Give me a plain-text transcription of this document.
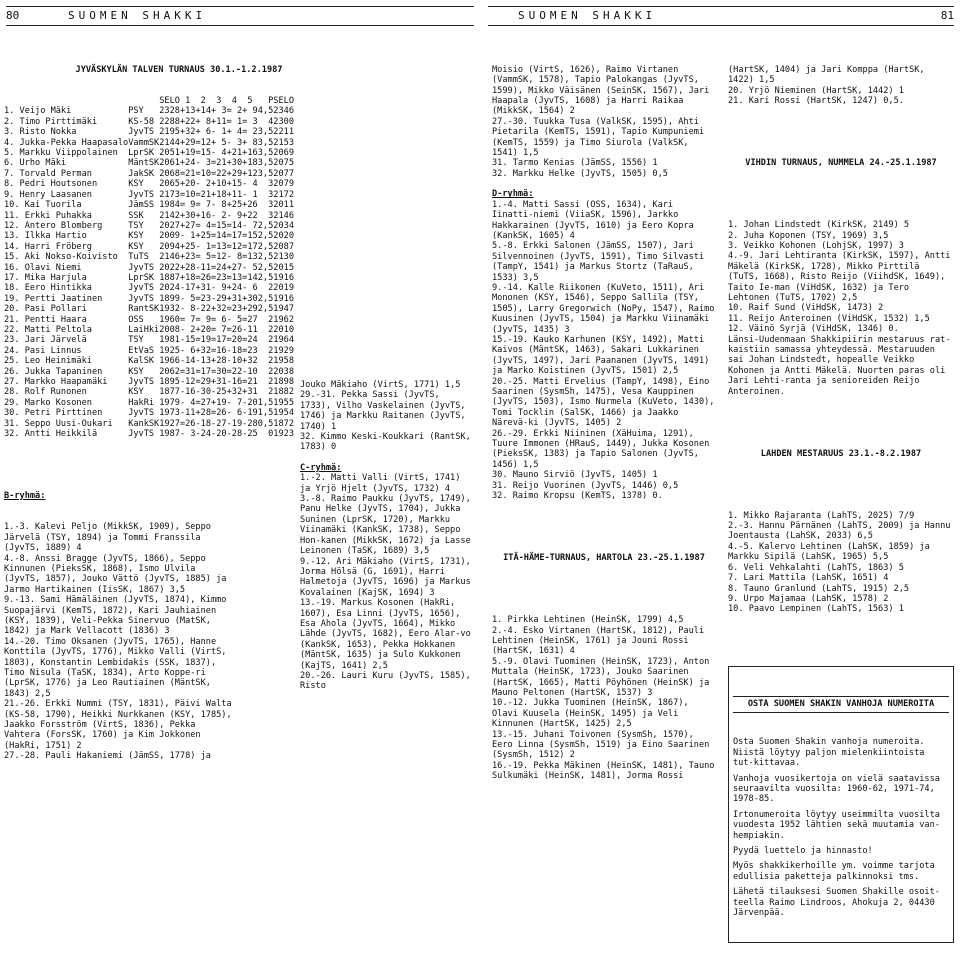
80	SUOMEN SHAKKI	SUOMEN SHAKKI	81

JYVÄSKYLÄN TALVEN TURNAUS 30.1.-1.2.1987

		SELO	1	2	3	4	5	P	SELO
1. Veijo Mäki	PSY	2328	+13	+14	+ 3	= 2	+ 9	4,5	2346
2. Timo Pirttimäki	KS-58	2288	+22	+ 8	+11	= 1	= 3	4	2300
3. Risto Nokka	JyvTS	2195	+32	+ 6	- 1	+ 4	= 2	3,5	2211
4. Jukka-Pekka Haapasalo	VammSK	2144	+29	=12	+ 5	- 3	+ 8	3,5	2153
5. Markku Viippolainen	LprSK	2051	+19	=15	- 4	+21	+16	3,5	2069
6. Urho Mäki	MäntSK	2061	+24	- 3	=21	+30	+18	3,5	2075
7. Torvald Perman	JakSK	2068	=21	=10	=22	+29	+12	3,5	2077
8. Pedri Houtsonen	KSY	2065	+20	- 2	+10	+15	- 4	3	2079
9. Henry Laasanen	JyvTS	2173	=10	=21	+18	+11	- 1	3	2172
10. Kai Tuorila	JämSS	1984	= 9	= 7	- 8	+25	+26	3	2011
11. Erkki Puhakka	SSK	2142	+30	+16	- 2	- 9	+22	3	2146
12. Antero Blomberg	TSY	2027	+27	= 4	=15	=14	- 7	2,5	2034
13. Ilkka Hartio	KSY	2009	- 1	+25	=14	=17	=15	2,5	2020
14. Harri Fröberg	KSY	2094	+25	- 1	=13	=12	=17	2,5	2087
15. Aki Nokso-Koivisto	TuTS	2146	+23	= 5	=12	- 8	=13	2,5	2130
16. Olavi Niemi	JyvTS	2022	+28	-11	=24	+27	- 5	2,5	2015
17. Mika Harjula	LprSK	1887	+18	=26	=23	=13	=14	2,5	1916
18. Eero Hintikka	JyvTS	2024	-17	+31	- 9	+24	- 6	2	2019
19. Pertti Jaatinen	JyvTS	1899	- 5	=23	-29	+31	+30	2,5	1916
20. Pasi Pollari	RantSK	1932	- 8	-22	+32	=23	+29	2,5	1947
21. Pentti Haara	OSS	1960	= 7	= 9	= 6	- 5	=27	2	1962
22. Matti Peltola	LaiHki	2008	- 2	+20	= 7	=26	-11	2	2010
23. Jari Järvelä	TSY	1981	-15	=19	=17	=20	=24	2	1964
24. Pasi Linnus	EtVaS	1925	- 6	+32	=16	-18	=23	2	1929
25. Leo Heinimäki	KalSK	1966	-14	-13	+28	-10	+32	2	1958
26. Jukka Tapaninen	KSY	2062	=31	=17	=30	=22	-10	2	2038
27. Markko Haapamäki	JyvTS	1895	-12	=29	+31	-16	=21	2	1898
28. Rolf Runonen	KSY	1877	-16	-30	-25	+32	+31	2	1882
29. Marko Kosonen	HakRi	1979	- 4	=27	+19	- 7	-20	1,5	1955
30. Petri Pirttinen	JyvTS	1973	-11	+28	=26	- 6	-19	1,5	1954
31. Seppo Uusi-Oukari	KankSK	1927	=26	-18	-27	-19	-28	0,5	1872
32. Antti Heikkilä	JyvTS	1987	- 3	-24	-20	-28	-25	0	1923

B-ryhmä:

1.-3. Kalevi Peljo (MikkSK, 1909), Seppo Järvelä (TSY, 1894) ja Tommi Franssila (JyvTS, 1889) 4

4.-8. Anssi Bragge (JyvTS, 1866), Seppo Kinnunen (PieksSK, 1868), Ismo Ulvila (JyvTS, 1857), Jouko Vättö (JyvTS, 1885) ja Jarmo Hartikainen (IisSK, 1867) 3,5

9.-13. Sami Hämäläinen (JyvTS, 1874), Kimmo Suopajärvi (KemTS, 1872), Kari Jauhiainen (KSY, 1839), Veli-Pekka Sinervuo (MatSK, 1842) ja Mark Vellacott (1836) 3

14.-20. Timo Oksanen (JyvTS, 1765), Hanne Konttila (JyvTS, 1776), Mikko Valli (VirtS, 1803), Konstantin Lembidakis (SSK, 1837), Timo Nisula (TaSK, 1834), Arto Koppe-ri (LprSK, 1776) ja Leo Rautiainen (MäntSK, 1843) 2,5

21.-26. Erkki Nummi (TSY, 1831), Päivi Walta (KS-58, 1790), Heikki Nurkkanen (KSY, 1785), Jaakko Forsström (VirtS, 1836), Pekka Vahtera (ForsSK, 1760) ja Kim Jokkonen (HakRi, 1751) 2

27.-28. Pauli Hakaniemi (JämSS, 1778) ja

Jouko Mäkiaho (VirtS, 1771) 1,5

29.-31. Pekka Sassi (JyvTS, 1733), Vilho Vaskelainen (JyvTS, 1746) ja Markku Raitanen (JyvTS, 1740) 1

32. Kimmo Keski-Koukkari (RantSK, 1783) 0

C-ryhmä:

1.-2. Matti Valli (VirtS, 1741) ja Yrjö Hjelt (JyvTS, 1732) 4

3.-8. Raimo Paukku (JyvTS, 1749), Panu Helke (JyvTS, 1704), Jukka Suninen (LprSK, 1720), Markku Viinamäki (KankSK, 1738), Seppo Hon-kanen (MikkSK, 1672) ja Lasse Leinonen (TaSK, 1689) 3,5

9.-12. Ari Mäkiaho (VirtS, 1731), Jorma Hölsä (G, 1691), Harri Halmetoja (JyvTS, 1696) ja Markus Kovalainen (KajSK, 1694) 3

13.-19. Markus Kosonen (HakRi, 1607), Esa Linni (JyvTS, 1656), Esa Ahola (JyvTS, 1664), Mikko Lähde (JyvTS, 1682), Eero Alar-vo (KankSK, 1653), Pekka Hokkanen (MäntSK, 1635) ja Sulo Kukkonen (KajTS, 1641) 2,5

20.-26. Lauri Kuru (JyvTS, 1585), Risto

Moisio (VirtS, 1626), Raimo Virtanen (VammSK, 1578), Tapio Palokangas (JyvTS, 1599), Mikko Väisänen (SeinSK, 1567), Jari Haapala (JyvTS, 1608) ja Harri Raikaa (MikkSK, 1564) 2

27.-30. Tuukka Tusa (ValkSK, 1595), Ahti Pietarila (KemTS, 1591), Tapio Kumpuniemi (KemTS, 1559) ja Timo Siurola (ValkSK, 1541) 1,5

31. Tarmo Kenias (JämSS, 1556) 1

32. Markku Helke (JyvTS, 1505) 0,5

D-ryhmä:

1.-4. Matti Sassi (OSS, 1634), Kari Iinatti-niemi (ViiaSK, 1596), Jarkko Hakkarainen (JyvTS, 1610) ja Eero Kopra (KankSK, 1605) 4

5.-8. Erkki Salonen (JämSS, 1507), Jari Silvennoinen (JyvTS, 1591), Timo Silvasti (TampY, 1541) ja Markus Stortz (TaRauS, 1533) 3,5

9.-14. Kalle Riikonen (KuVeto, 1511), Ari Mononen (KSY, 1546), Seppo Sallila (TSY, 1505), Larry Gregorwich (NoPy, 1547), Raimo Kuusinen (JyvTS, 1504) ja Markku Viinamäki (JyvTS, 1435) 3

15.-19. Kauko Karhunen (KSY, 1492), Matti Kaivos (MäntSK, 1463), Sakari Lukkarinen (JyvTS, 1497), Jari Paananen (JyvTS, 1491) ja Marko Koistinen (JyvTS, 1501) 2,5

20.-25. Matti Ervelius (TampY, 1498), Eino Saarinen (SysmSh, 1475), Vesa Kauppinen (JyvTS, 1503), Ismo Nurmela (KuVeto, 1430), Tomi Tocklin (SalSK, 1466) ja Jaakko Närevä-ki (JyvTS, 1405) 2

26.-29. Erkki Niininen (XäHuima, 1291), Tuure Immonen (HRauS, 1449), Jukka Kosonen (PieksSK, 1383) ja Tapio Salonen (JyvTS, 1456) 1,5

30. Mauno Sirviö (JyvTS, 1405) 1

31. Reijo Vuorinen (JyvTS, 1446) 0,5

32. Raimo Kropsu (KemTS, 1378) 0.

ITÄ-HÄME-TURNAUS, HARTOLA 23.-25.1.1987

1. Pirkka Lehtinen (HeinSK, 1799) 4,5

2.-4. Esko Virtanen (HartSK, 1812), Pauli Lehtinen (HeinSK, 1761) ja Jouni Rossi (HartSK, 1631) 4

5.-9. Olavi Tuominen (HeinSK, 1723), Anton Muttala (HeinSK, 1723), Jouko Saarinen (HartSK, 1665), Matti Pöyhönen (HeinSK) ja Mauno Peltonen (HartSK, 1537) 3

10.-12. Jukka Tuominen (HeinSK, 1867), Olavi Kuusela (HeinSK, 1495) ja Veli Kinnunen (HartSK, 1425) 2,5

13.-15. Juhani Toivonen (SysmSh, 1570), Eero Linna (SysmSh, 1519) ja Eino Saarinen (SysmSh, 1512) 2

16.-19. Pekka Mäkinen (HeinSK, 1481), Tauno Sulkumäki (HeinSK, 1481), Jorma Rossi

(HartSK, 1404) ja Jari Komppa (HartSK, 1422) 1,5

20. Yrjö Nieminen (HartSK, 1442) 1

21. Kari Rossi (HartSK, 1247) 0,5.

VIHDIN TURNAUS, NUMMELA 24.-25.1.1987

1. Johan Lindstedt (KirkSK, 2149) 5

2. Juha Koponen (TSY, 1969) 3,5

3. Veikko Kohonen (LohjSK, 1997) 3

4.-9. Jari Lehtiranta (KirkSK, 1597), Antti Mäkelä (KirkSK, 1728), Mikko Pirttilä (TuTS, 1668), Risto Reijo (ViihdSK, 1649), Taito Ie-man (ViHdSK, 1632) ja Tero Lehtonen (TuTS, 1702) 2,5

10. Raif Sund (ViHdSK, 1473) 2

11. Reijo Anteroinen (ViHdSK, 1532) 1,5

12. Väinö Syrjä (ViHdSK, 1346) 0.

Länsi-Uudenmaan Shakkipiirin mestaruus rat-kaistiin samassa yhteydessä. Mestaruuden sai Johan Lindstedt, hopealle Veikko Kohonen ja Antti Mäkelä. Nuorten paras oli Jari Lehti-ranta ja senioreiden Reijo Anteroinen.

LAHDEN MESTARUUS 23.1.-8.2.1987

1. Mikko Rajaranta (LahTS, 2025) 7/9

2.-3. Hannu Pärnänen (LahTS, 2009) ja Hannu Joentausta (LahSK, 2033) 6,5

4.-5. Kalervo Lehtinen (LahSK, 1859) ja Markku Sipilä (LahSK, 1965) 5,5

6. Veli Vehkalahti (LahTS, 1863) 5

7. Lari Mattila (LahSK, 1651) 4

8. Tauno Granlund (LahTS, 1915) 2,5

9. Urpo Majamaa (LahSK, 1578) 2

10. Paavo Lempinen (LahTS, 1563) 1

OSTA SUOMEN SHAKIN VANHOJA NUMEROITA

Osta Suomen Shakin vanhoja numeroita. Niistä löytyy paljon mielenkiintoista tut-kittavaa.

Vanhoja vuosikertoja on vielä saatavissa seuraavilta vuosilta: 1960-62, 1971-74, 1978-85.

Irtonumeroita löytyy useimmilta vuosilta vuodesta 1952 lähtien sekä muutamia van-hempiakin.

Pyydä luettelo ja hinnasto!

Myös shakkikerhoille ym. voimme tarjota edullisia paketteja palkinnoksi tms.

Lähetä tilauksesi Suomen Shakille osoit-teella Raimo Lindroos, Ahokuja 2, 04430 Järvenpää.
